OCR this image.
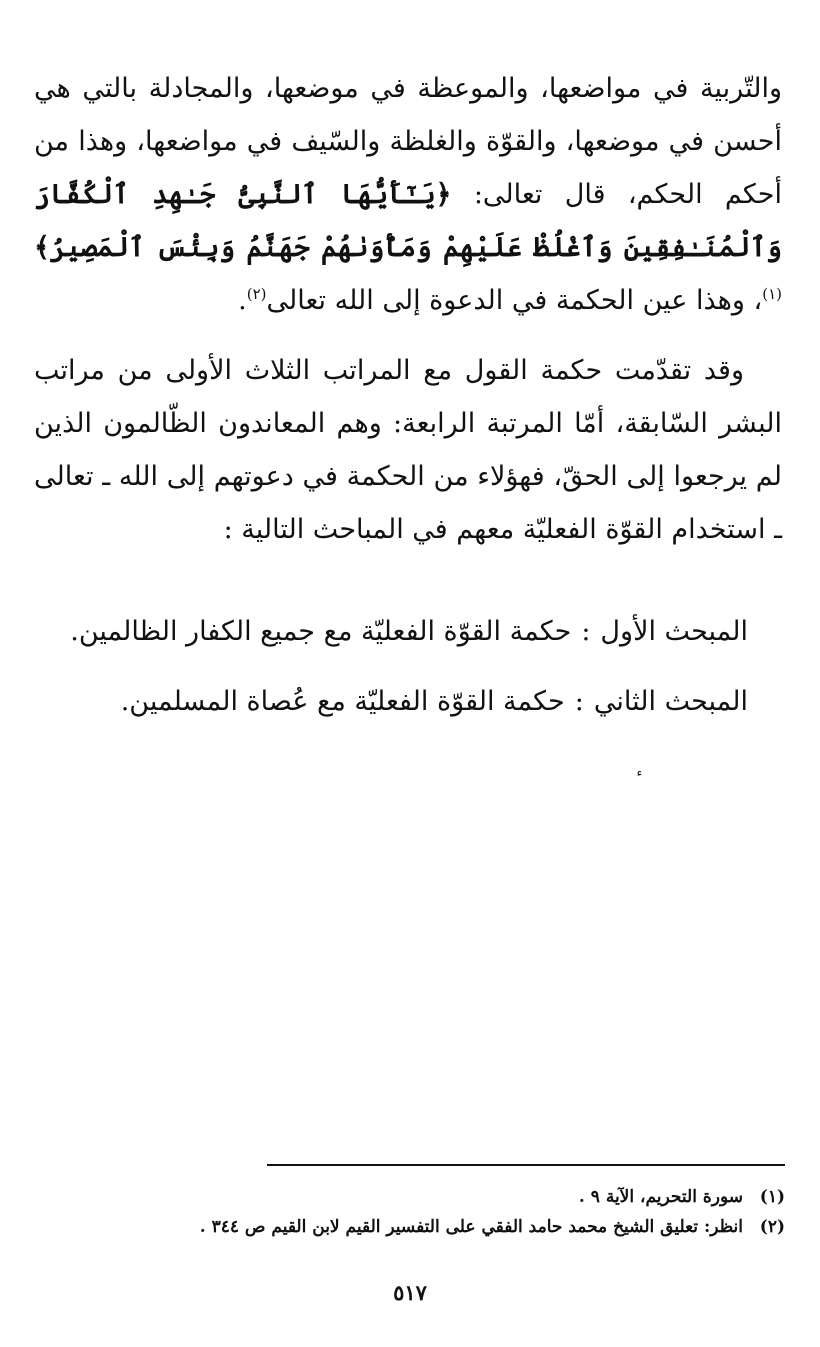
والتّربية في مواضعها، والموعظة في موضعها، والمجادلة بالتي هي أحسن في موضعها، والقوّة والغلظة والسّيف في مواضعها، وهذا من أحكم الحكم، قال تعالى: ﴿يَـٰٓأَيُّهَا ٱلنَّبِىُّ جَـٰهِدِ ٱلْكُفَّارَ وَٱلْمُنَـٰفِقِينَ وَٱغْلُظْ عَلَيْهِمْ وَمَأْوَىٰهُمْ جَهَنَّمُ وَبِئْسَ ٱلْمَصِيرُ﴾$^{(١)}$، وهذا عين الحكمة في الدعوة إلى الله تعالى$^{(٢)}$.

وقد تقدّمت حكمة القول مع المراتب الثلاث الأولى من مراتب البشر السّابقة، أمّا المرتبة الرابعة: وهم المعاندون الظّالمون الذين لم يرجعوا إلى الحقّ، فهؤلاء من الحكمة في دعوتهم إلى الله ـ تعالى ـ استخدام القوّة الفعليّة معهم في المباحث التالية :

المبحث الأول:حكمة القوّة الفعليّة مع جميع الكفار الظالمين.

المبحث الثاني:حكمة القوّة الفعليّة مع عُصاة المسلمين.

(١)سورة التحريم، الآية ٩ .

(٢)انظر: تعليق الشيخ محمد حامد الفقي على التفسير القيم لابن القيم ص ٣٤٤ .

٥١٧
